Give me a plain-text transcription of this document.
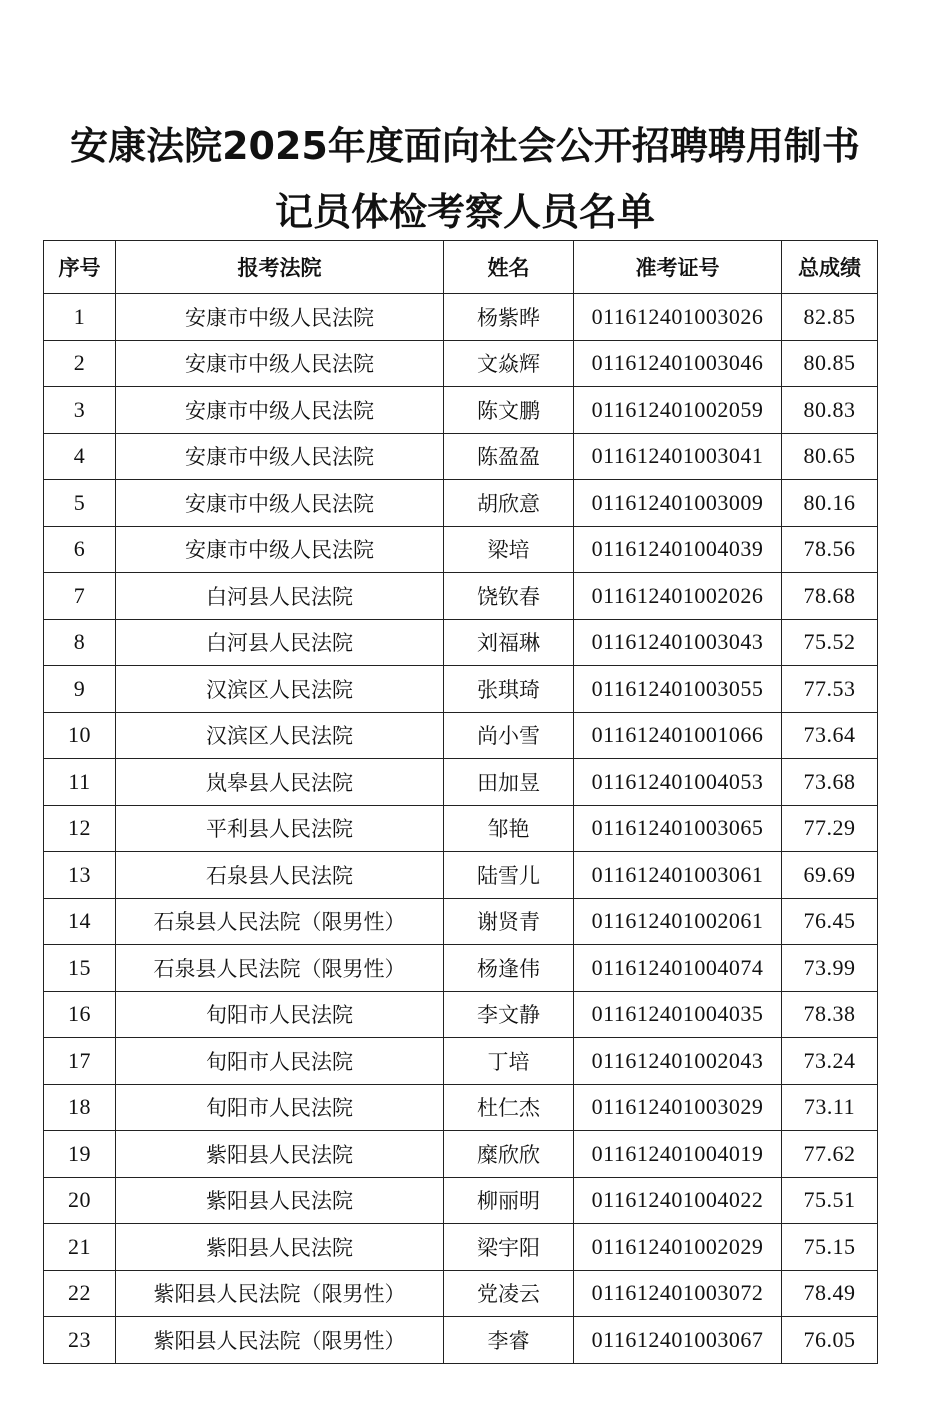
安康法院2025年度面向社会公开招聘聘用制书
记员体检考察人员名单
序号	报考法院	姓名	准考证号	总成绩
1	安康市中级人民法院	杨紫晔	011612401003026	82.85
2	安康市中级人民法院	文焱辉	011612401003046	80.85
3	安康市中级人民法院	陈文鹏	011612401002059	80.83
4	安康市中级人民法院	陈盈盈	011612401003041	80.65
5	安康市中级人民法院	胡欣意	011612401003009	80.16
6	安康市中级人民法院	梁培	011612401004039	78.56
7	白河县人民法院	饶钦春	011612401002026	78.68
8	白河县人民法院	刘福琳	011612401003043	75.52
9	汉滨区人民法院	张琪琦	011612401003055	77.53
10	汉滨区人民法院	尚小雪	011612401001066	73.64
11	岚皋县人民法院	田加昱	011612401004053	73.68
12	平利县人民法院	邹艳	011612401003065	77.29
13	石泉县人民法院	陆雪儿	011612401003061	69.69
14	石泉县人民法院（限男性）	谢贤青	011612401002061	76.45
15	石泉县人民法院（限男性）	杨逢伟	011612401004074	73.99
16	旬阳市人民法院	李文静	011612401004035	78.38
17	旬阳市人民法院	丁培	011612401002043	73.24
18	旬阳市人民法院	杜仁杰	011612401003029	73.11
19	紫阳县人民法院	糜欣欣	011612401004019	77.62
20	紫阳县人民法院	柳丽明	011612401004022	75.51
21	紫阳县人民法院	梁宇阳	011612401002029	75.15
22	紫阳县人民法院（限男性）	党凌云	011612401003072	78.49
23	紫阳县人民法院（限男性）	李睿	011612401003067	76.05
